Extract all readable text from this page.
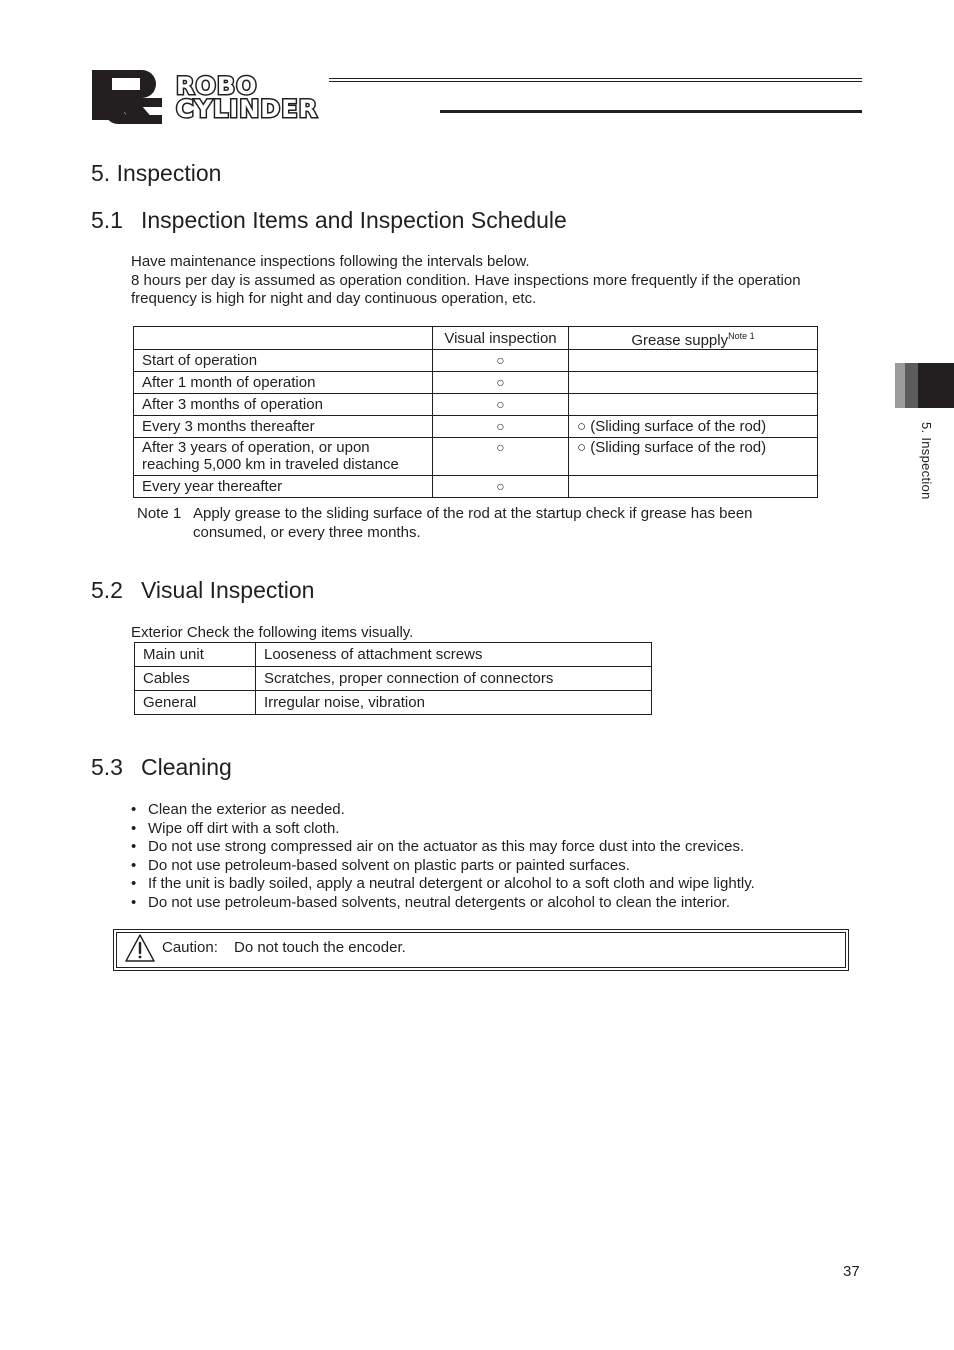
ROBO
CYLINDER
5. Inspection
5.1 Inspection Items and Inspection Schedule
Have maintenance inspections following the intervals below.
8 hours per day is assumed as operation condition. Have inspections more frequently if the operation frequency is high for night and day continuous operation, etc.
	Visual inspection	Grease supply$^{Note 1}$
Start of operation	○	
After 1 month of operation	○	
After 3 months of operation	○	
Every 3 months thereafter	○	○ (Sliding surface of the rod)
After 3 years of operation, or upon reaching 5,000 km in traveled distance	○	○ (Sliding surface of the rod)
Every year thereafter	○	
Note 1 Apply grease to the sliding surface of the rod at the startup check if grease has been consumed, or every three months.
5.2 Visual Inspection
Exterior Check the following items visually.
Main unit	Looseness of attachment screws
Cables	Scratches, proper connection of connectors
General	Irregular noise, vibration
5.3 Cleaning
• Clean the exterior as needed.
• Wipe off dirt with a soft cloth.
• Do not use strong compressed air on the actuator as this may force dust into the crevices.
• Do not use petroleum-based solvent on plastic parts or painted surfaces.
• If the unit is badly soiled, apply a neutral detergent or alcohol to a soft cloth and wipe lightly.
• Do not use petroleum-based solvents, neutral detergents or alcohol to clean the interior.
Caution: Do not touch the encoder.
5. Inspection
37
